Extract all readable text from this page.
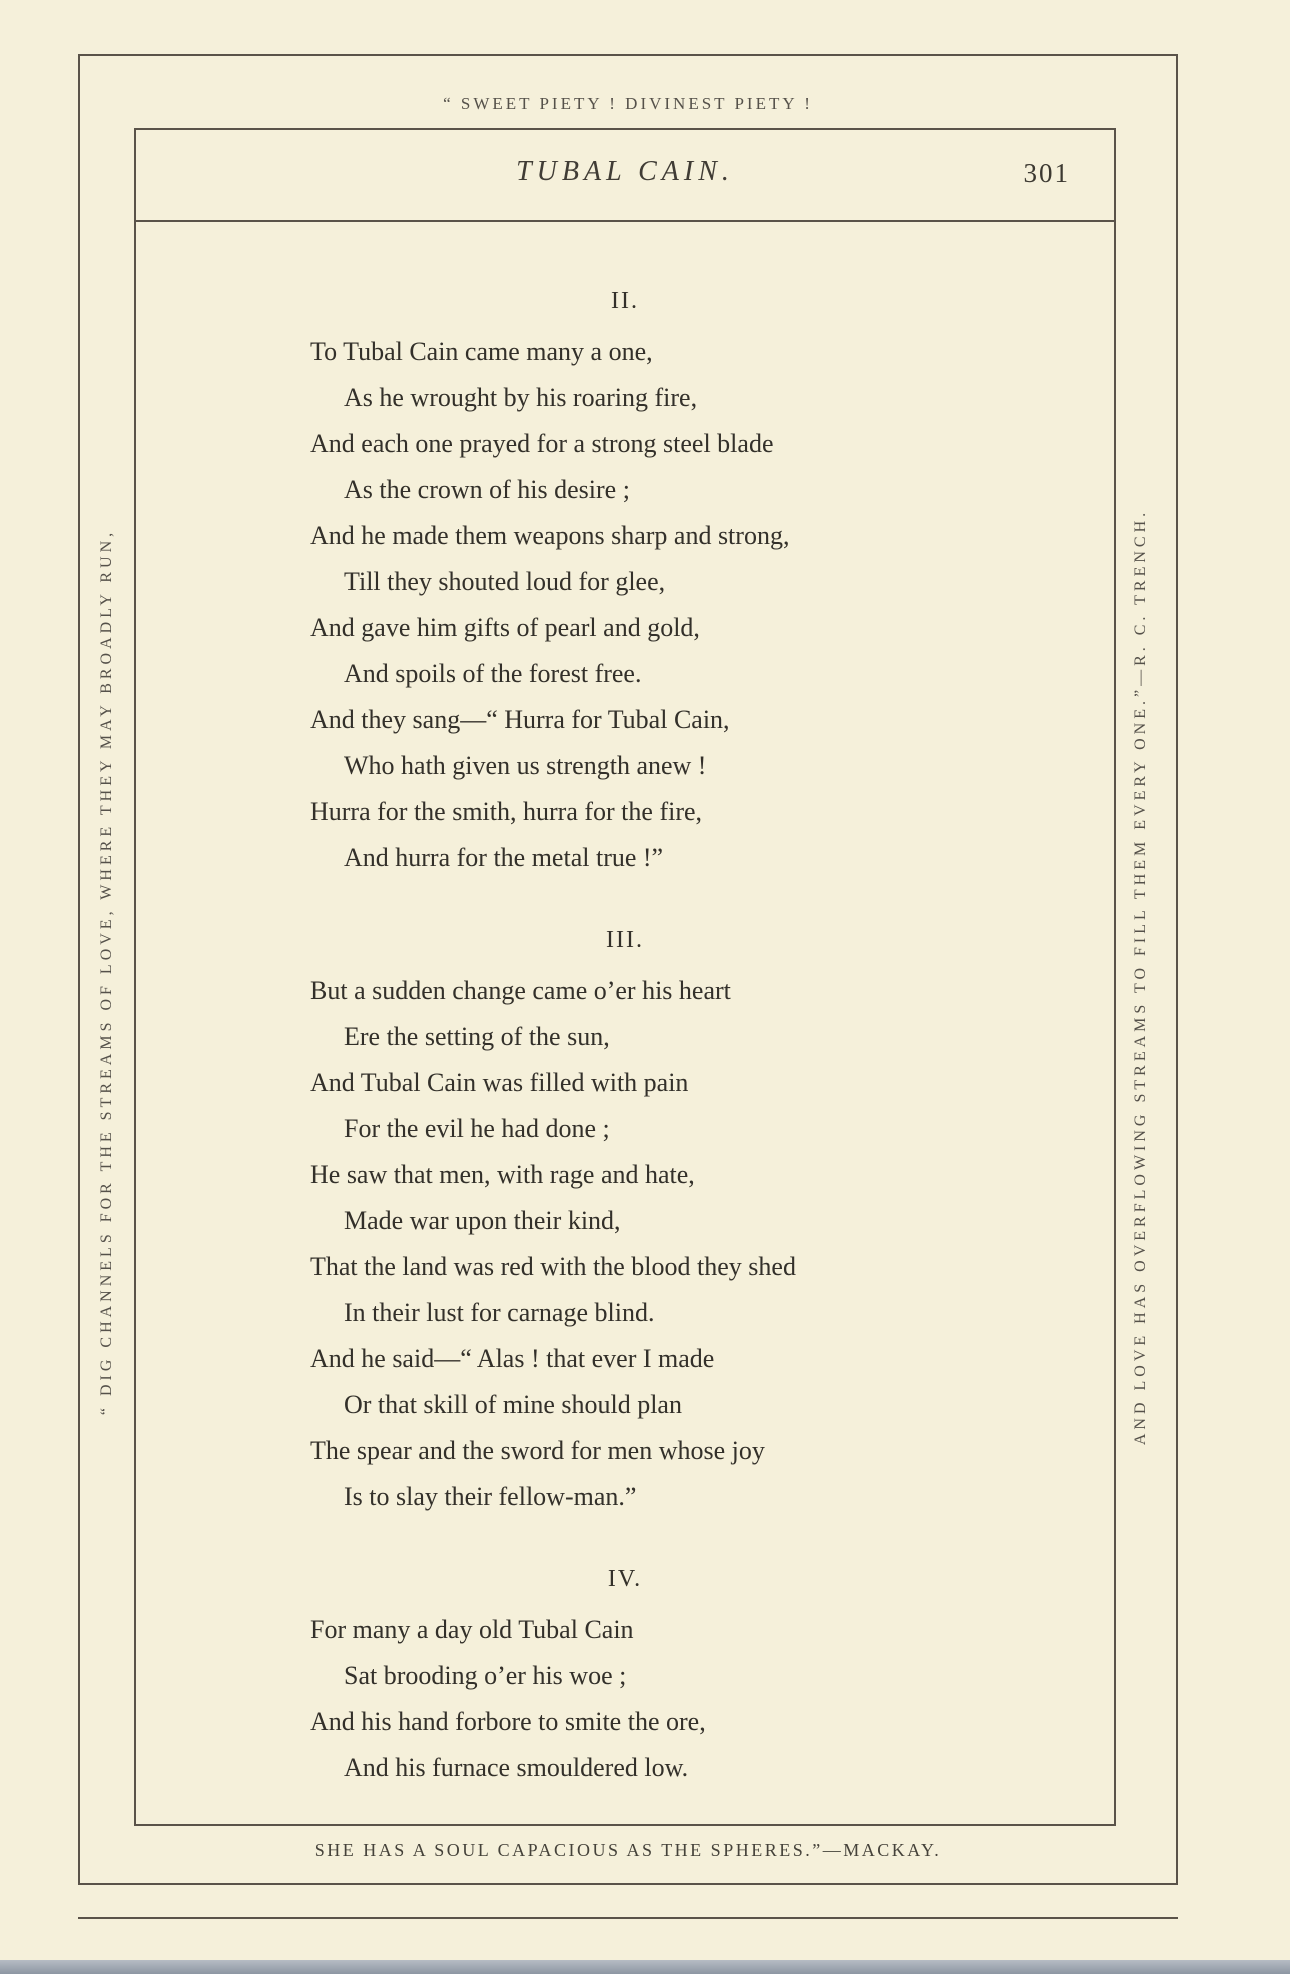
“ SWEET PIETY ! DIVINEST PIETY !
TUBAL CAIN.	301
II.
To Tubal Cain came many a one,
As he wrought by his roaring fire,
And each one prayed for a strong steel blade
As the crown of his desire ;
And he made them weapons sharp and strong,
Till they shouted loud for glee,
And gave him gifts of pearl and gold,
And spoils of the forest free.
And they sang—“ Hurra for Tubal Cain,
Who hath given us strength anew !
Hurra for the smith, hurra for the fire,
And hurra for the metal true !”
III.
But a sudden change came o’er his heart
Ere the setting of the sun,
And Tubal Cain was filled with pain
For the evil he had done ;
He saw that men, with rage and hate,
Made war upon their kind,
That the land was red with the blood they shed
In their lust for carnage blind.
And he said—“ Alas ! that ever I made
Or that skill of mine should plan
The spear and the sword for men whose joy
Is to slay their fellow-man.”
IV.
For many a day old Tubal Cain
Sat brooding o’er his woe ;
And his hand forbore to smite the ore,
And his furnace smouldered low.
“ DIG CHANNELS FOR THE STREAMS OF LOVE, WHERE THEY MAY BROADLY RUN,	AND LOVE HAS OVERFLOWING STREAMS TO FILL THEM EVERY ONE.”—R. C. TRENCH.
SHE HAS A SOUL CAPACIOUS AS THE SPHERES.”—MACKAY.
